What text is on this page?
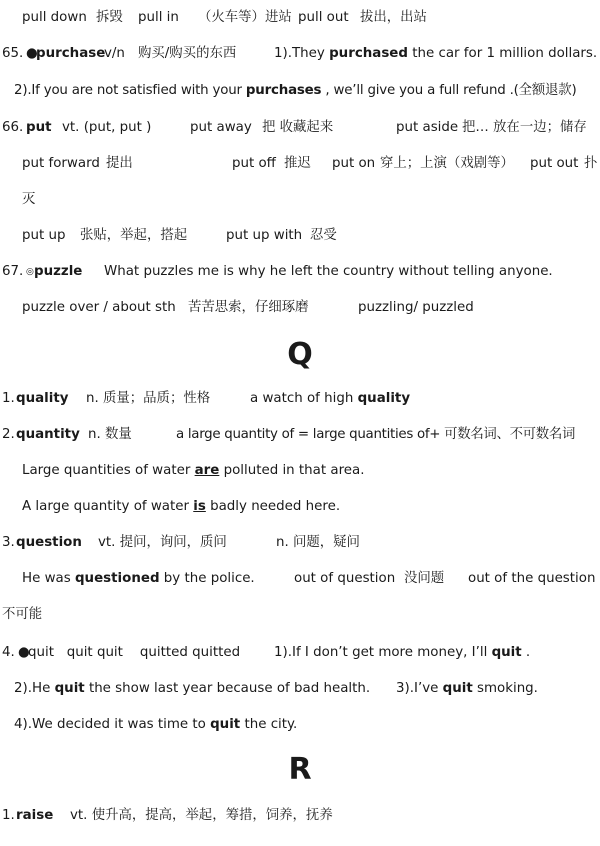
pull down 拆毁 pull in （火车等）进站 pull out 拔出，出站
65. ●
purchase
v/n 购买/购买的东西	1).They purchased the car for 1 million dollars.
2).If you are not satisfied with your purchases , we’ll give you a full refund .(全额退款)
66. put vt. (put, put )	put away 把 收藏起来	put aside 把… 放在一边；储存
put forward 提出	put off 推迟 put on 穿上；上演（戏剧等） put out 扑
灭
put up 张贴，举起，搭起	put up with 忍受
67. ◎ puzzle What puzzles me is why he left the country without telling anyone.
puzzle over / about sth 苦苦思索，仔细琢磨	puzzling/ puzzled
Q
1. quality n. 质量；品质；性格	a watch of high quality
2. quantity n. 数量	a large quantity of = large quantities of+ 可数名词、不可数名词
Large quantities of water are polluted in that area.
A large quantity of water is badly needed here.
3. question vt. 提问，询问，质问	n. 问题，疑问
He was questioned by the police.	out of question 没问题 out of the question
不可能
4. ●
quit   quit quit    quitted quitted	1).If I don’t get more money, I’ll quit .
2).He quit the show last year because of bad health. 3).I’ve quit smoking.
4).We decided it was time to quit the city.
R
1. raise vt. 使升高，提高，举起，筹措，饲养，抚养
